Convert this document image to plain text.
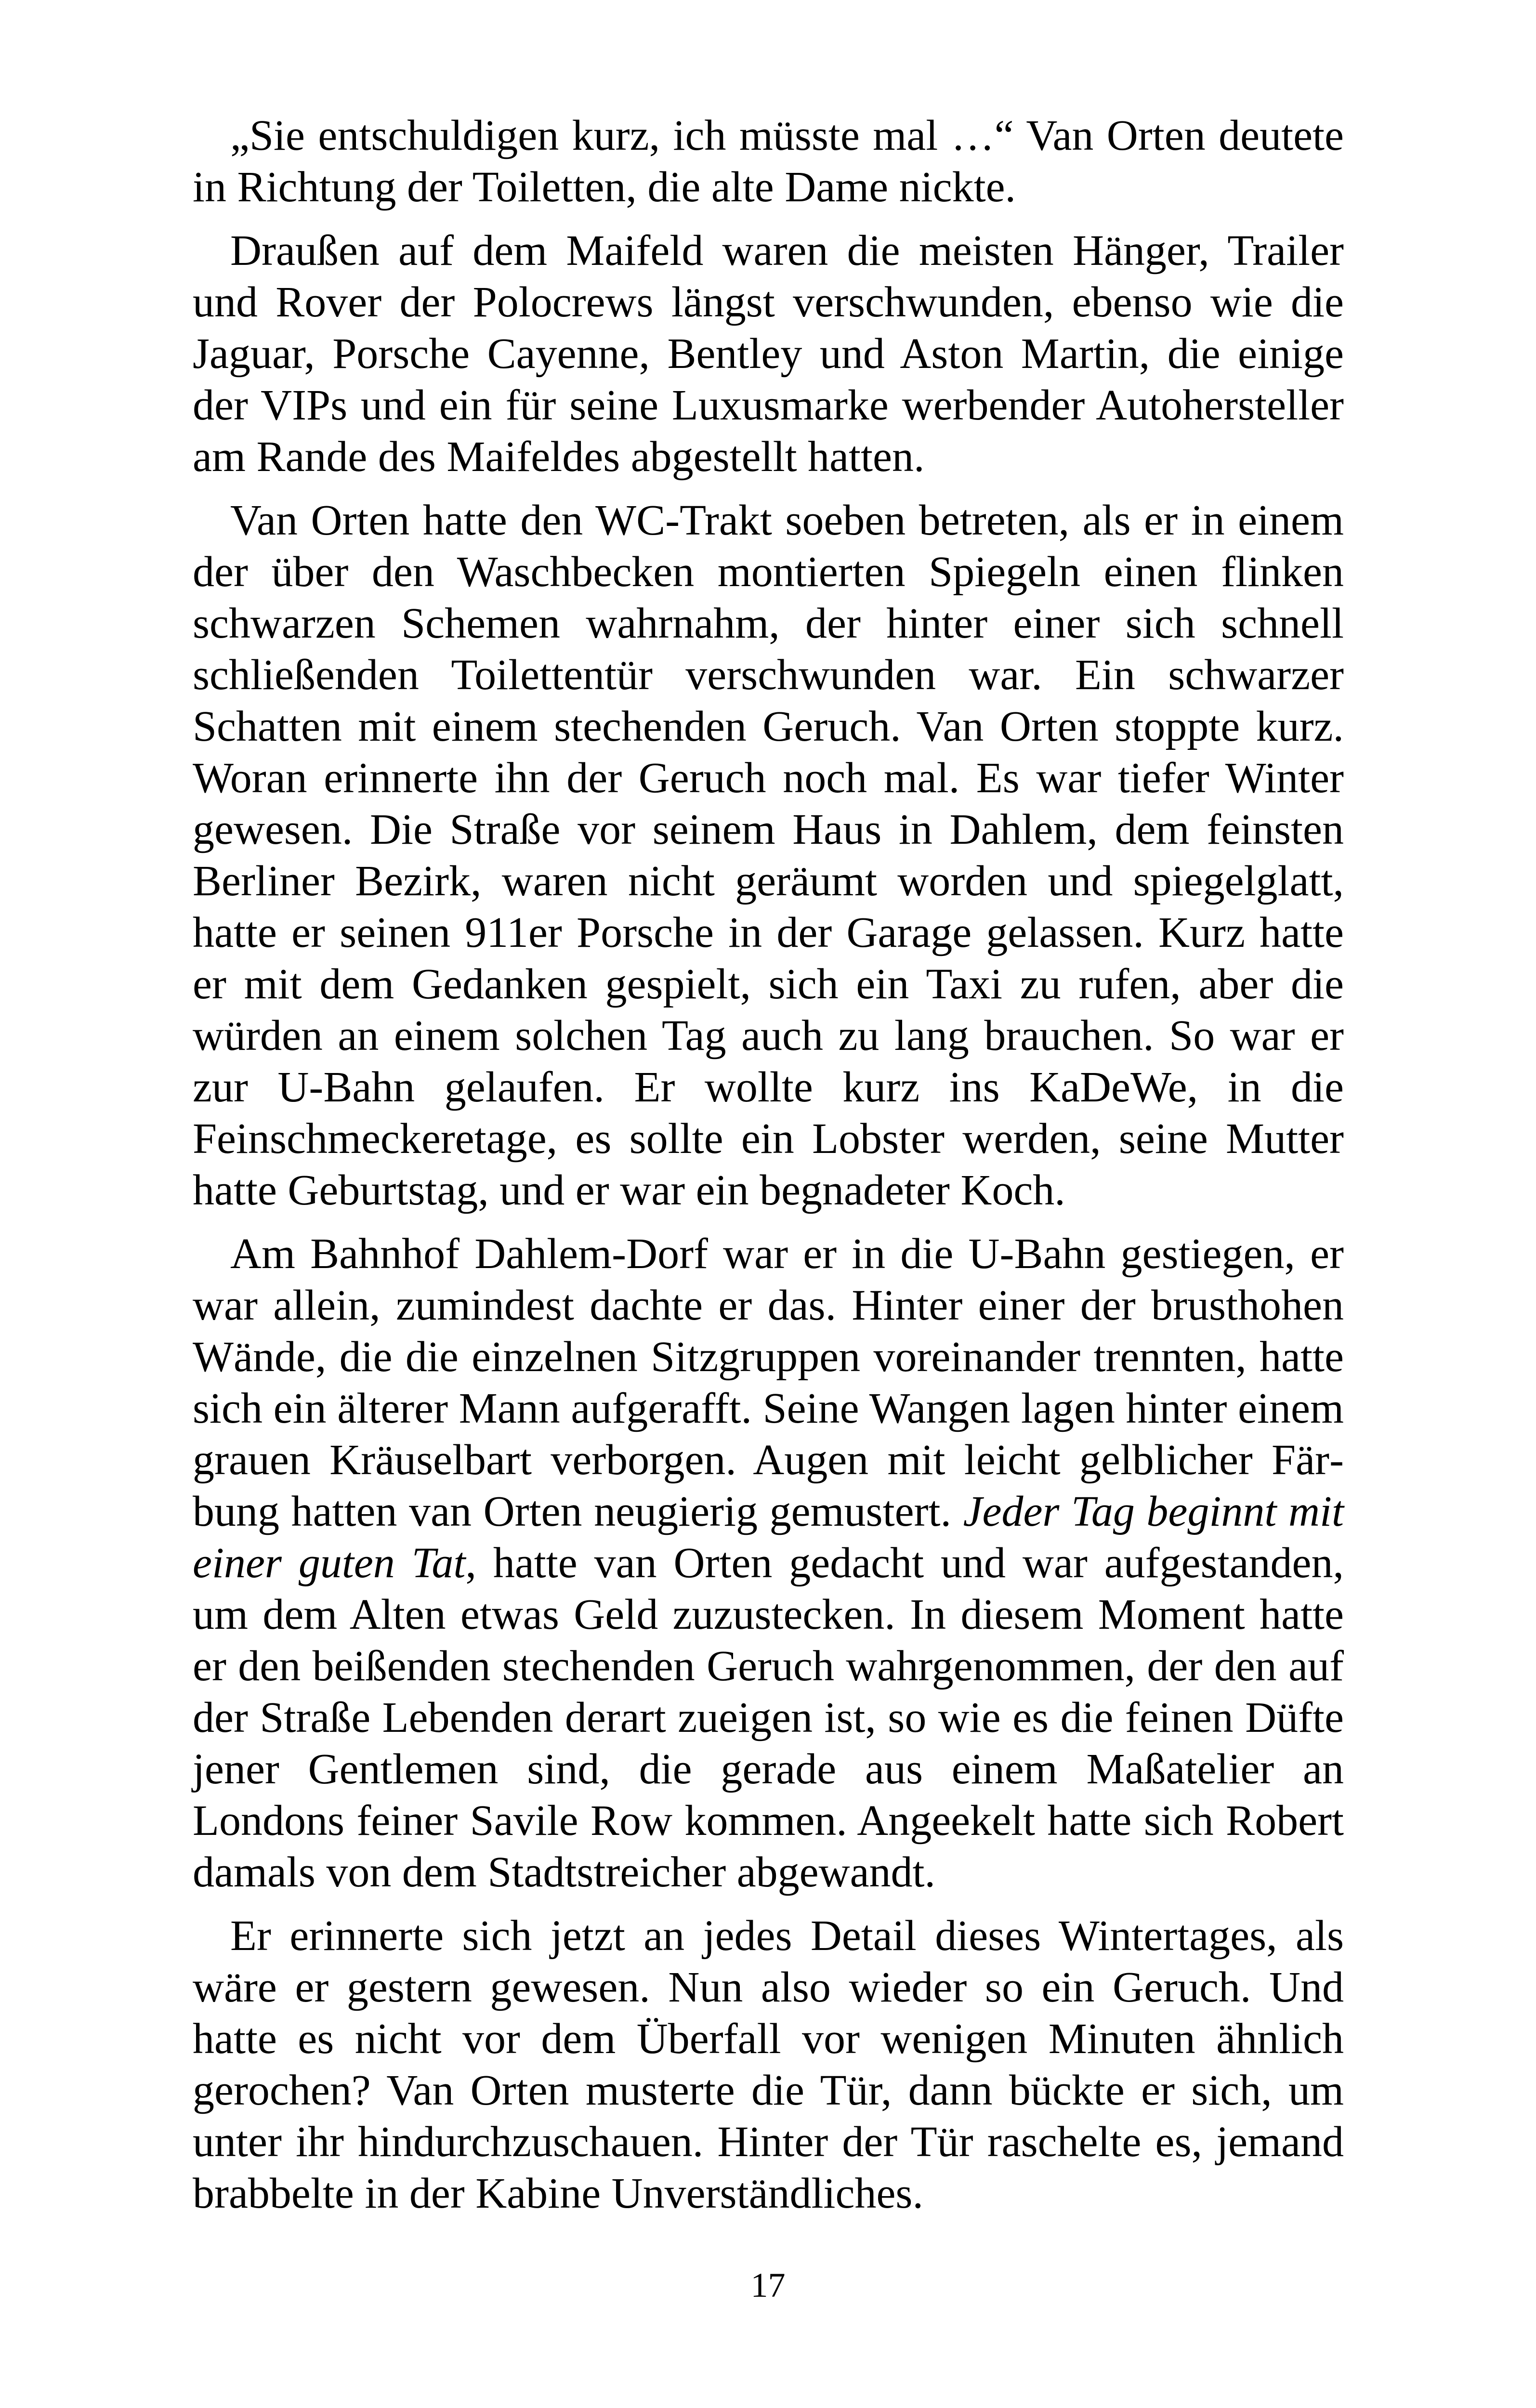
„Sie entschuldigen kurz, ich müsste mal …“ Van Orten deutete in Richtung der Toiletten, die alte Dame nickte.

Draußen auf dem Maifeld waren die meisten Hänger, Trailer und Rover der Polocrews längst verschwunden, ebenso wie die Jaguar, Porsche Cayenne, Bentley und Aston Martin, die einige der VIPs und ein für seine Luxusmarke werbender Autohersteller am Rande des Maifeldes abgestellt hatten.

Van Orten hatte den WC-Trakt soeben betreten, als er in einem der über den Waschbecken montierten Spiegeln einen flinken schwarzen Schemen wahrnahm, der hinter einer sich schnell schließenden Toilettentür verschwunden war. Ein schwarzer Schatten mit einem stechenden Geruch. Van Orten stoppte kurz. Woran erinnerte ihn der Geruch noch mal. Es war tiefer Winter gewesen. Die Straße vor seinem Haus in Dahlem, dem feinsten Berliner Bezirk, waren nicht geräumt worden und spiegelglatt, hatte er seinen 911er Porsche in der Garage gelassen. Kurz hatte er mit dem Gedanken gespielt, sich ein Taxi zu rufen, aber die würden an einem solchen Tag auch zu lang brauchen. So war er zur U-Bahn gelaufen. Er wollte kurz ins KaDeWe, in die Feinschmeckeretage, es sollte ein Lobster werden, seine Mutter hatte Geburtstag, und er war ein begnadeter Koch.

Am Bahnhof Dahlem-Dorf war er in die U-Bahn gestiegen, er war allein, zumindest dachte er das. Hinter einer der brusthohen Wände, die die einzelnen Sitzgruppen voreinander trennten, hatte sich ein älterer Mann aufgerafft. Seine Wangen lagen hinter einem grauen Kräuselbart verborgen. Augen mit leicht gelblicher Färbung hatten van Orten neugierig gemustert. Jeder Tag beginnt mit einer guten Tat, hatte van Orten gedacht und war aufgestanden, um dem Alten etwas Geld zuzustecken. In diesem Moment hatte er den beißenden stechenden Geruch wahrgenommen, der den auf der Straße Lebenden derart zueigen ist, so wie es die feinen Düfte jener Gentlemen sind, die gerade aus einem Maßatelier an Londons feiner Savile Row kommen. Angeekelt hatte sich Robert damals von dem Stadtstreicher abgewandt.

Er erinnerte sich jetzt an jedes Detail dieses Wintertages, als wäre er gestern gewesen. Nun also wieder so ein Geruch. Und hatte es nicht vor dem Überfall vor wenigen Minuten ähnlich gerochen? Van Orten musterte die Tür, dann bückte er sich, um unter ihr hindurchzuschauen. Hinter der Tür raschelte es, jemand brabbelte in der Kabine Unverständliches.

17
